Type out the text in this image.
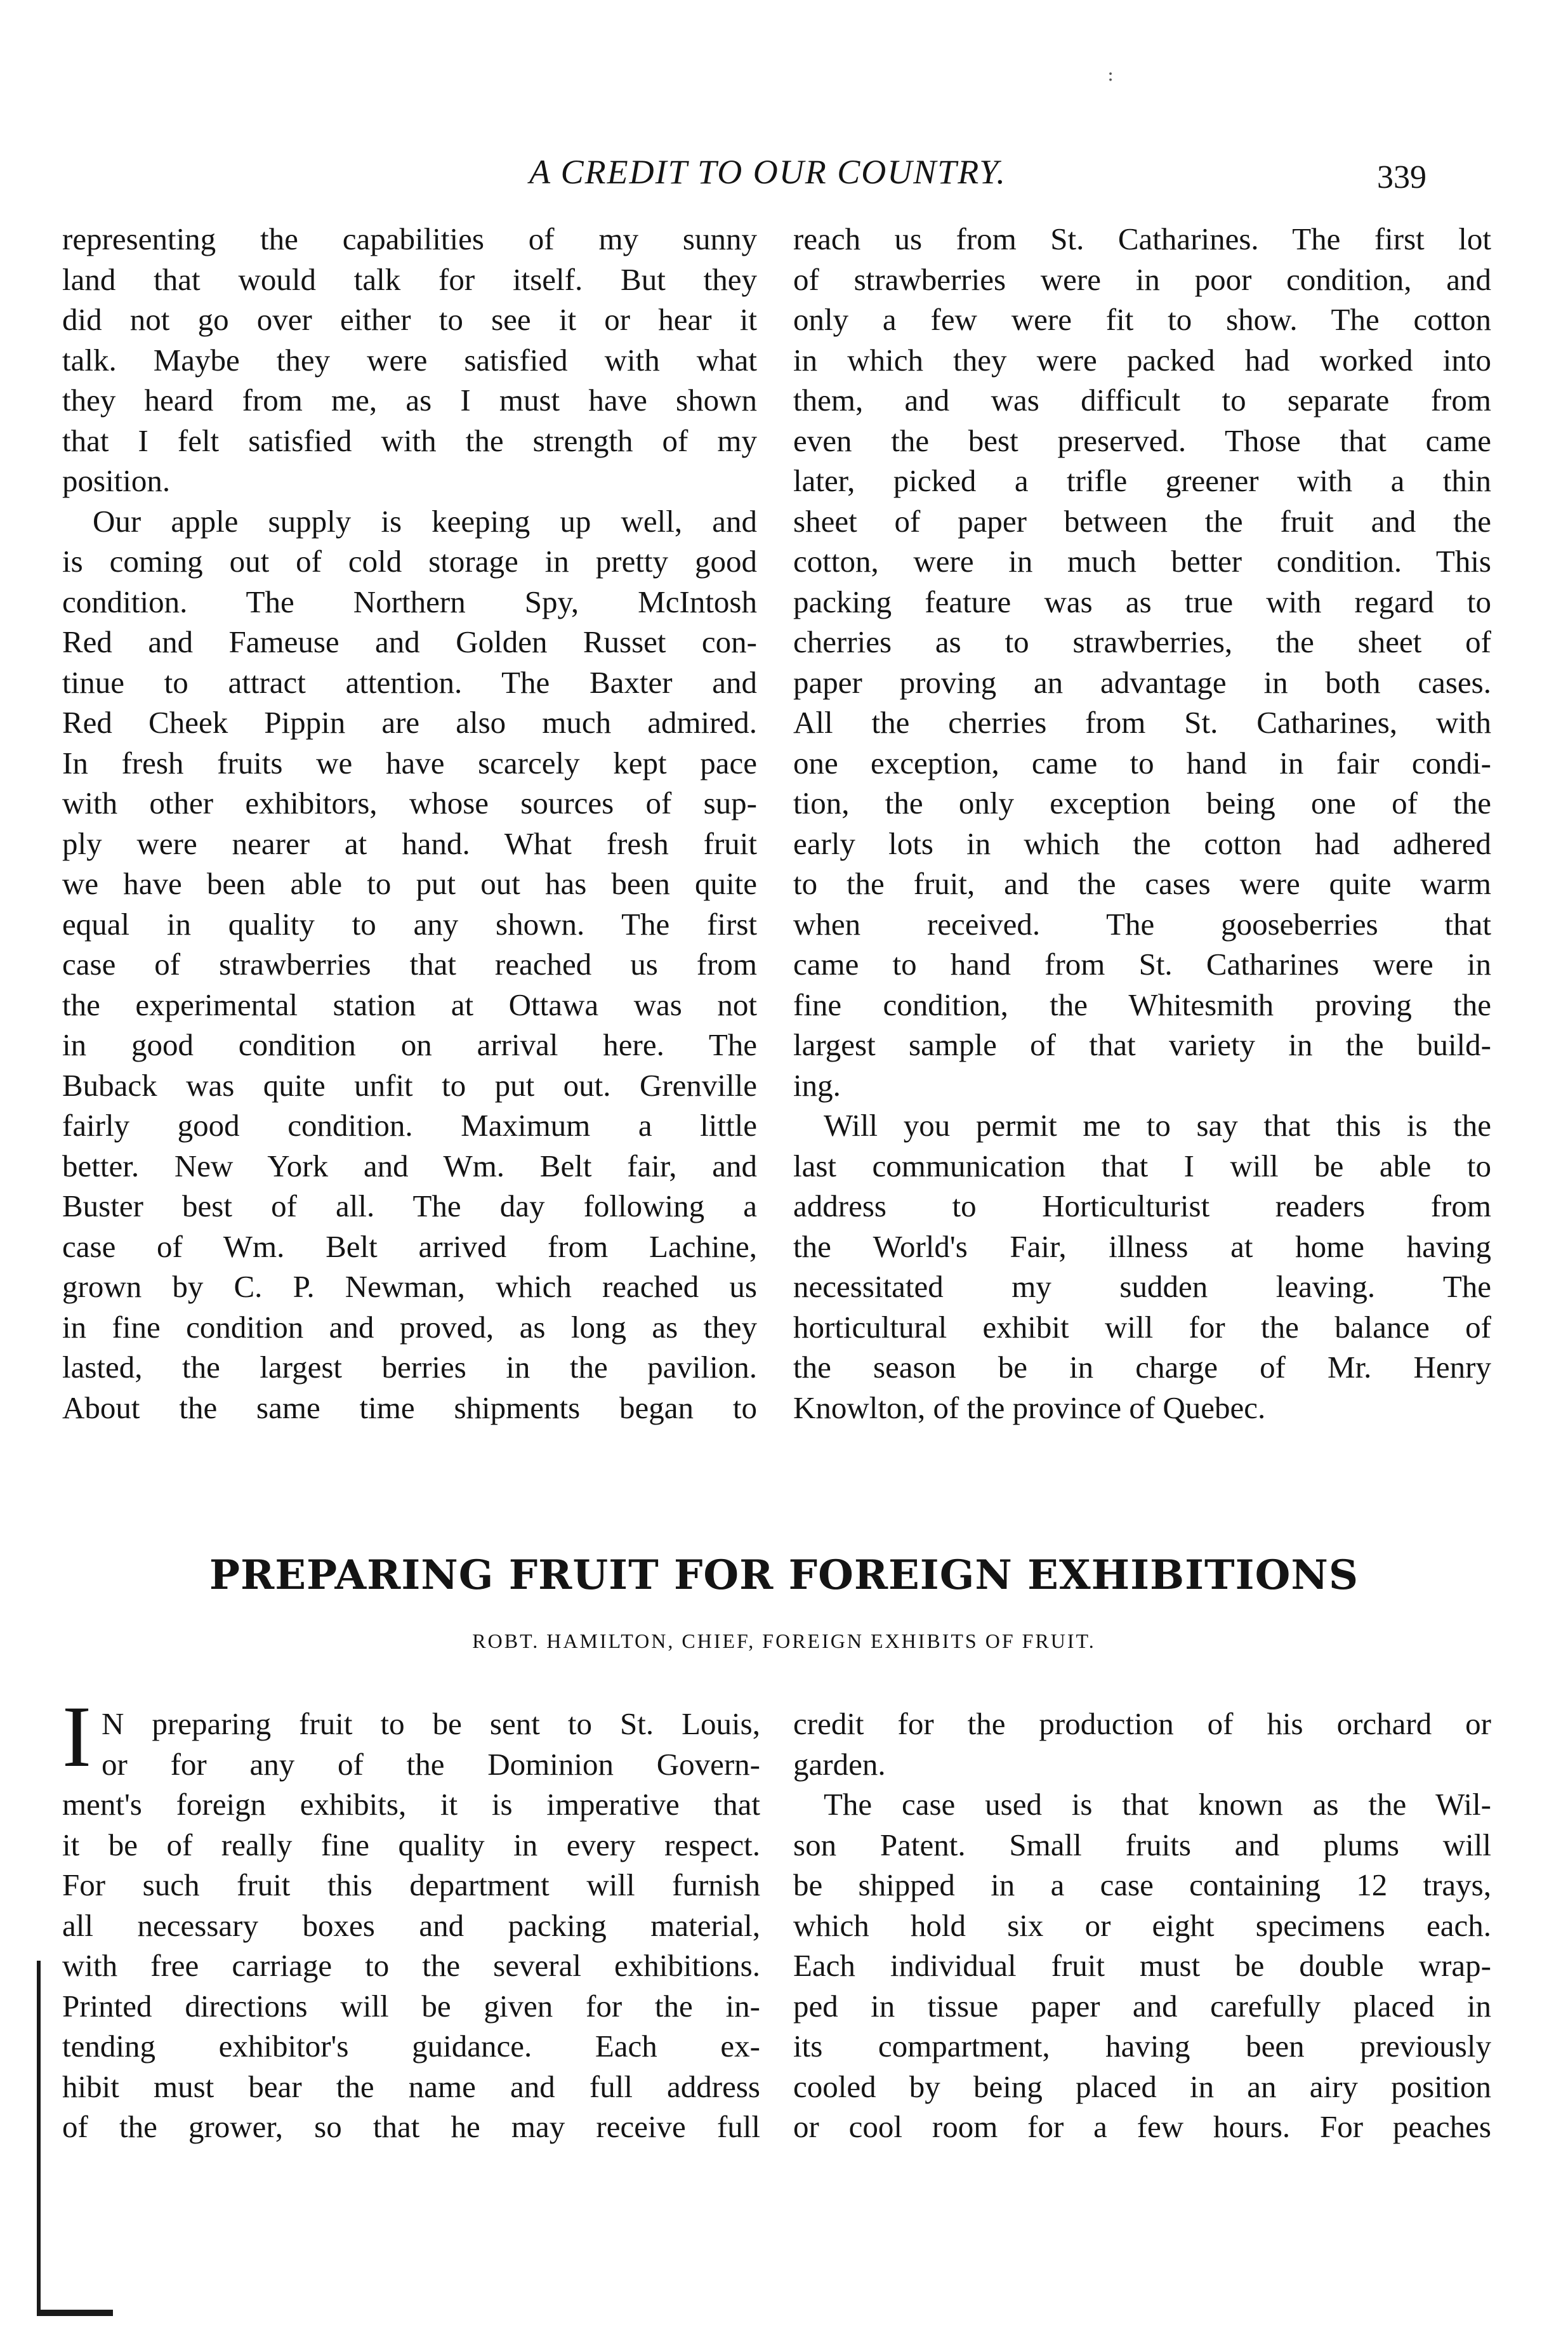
:
A CREDIT TO OUR COUNTRY.	339
representing the capabilities of my sunny
land that would talk for itself. But they
did not go over either to see it or hear it
talk. Maybe they were satisfied with what
they heard from me, as I must have shown
that I felt satisfied with the strength of my
position.
Our apple supply is keeping up well, and
is coming out of cold storage in pretty good
condition. The Northern Spy, McIntosh
Red and Fameuse and Golden Russet con-
tinue to attract attention. The Baxter and
Red Cheek Pippin are also much admired.
In fresh fruits we have scarcely kept pace
with other exhibitors, whose sources of sup-
ply were nearer at hand. What fresh fruit
we have been able to put out has been quite
equal in quality to any shown. The first
case of strawberries that reached us from
the experimental station at Ottawa was not
in good condition on arrival here. The
Buback was quite unfit to put out. Grenville
fairly good condition. Maximum a little
better. New York and Wm. Belt fair, and
Buster best of all. The day following a
case of Wm. Belt arrived from Lachine,
grown by C. P. Newman, which reached us
in fine condition and proved, as long as they
lasted, the largest berries in the pavilion.
About the same time shipments began to
reach us from St. Catharines. The first lot
of strawberries were in poor condition, and
only a few were fit to show. The cotton
in which they were packed had worked into
them, and was difficult to separate from
even the best preserved. Those that came
later, picked a trifle greener with a thin
sheet of paper between the fruit and the
cotton, were in much better condition. This
packing feature was as true with regard to
cherries as to strawberries, the sheet of
paper proving an advantage in both cases.
All the cherries from St. Catharines, with
one exception, came to hand in fair condi-
tion, the only exception being one of the
early lots in which the cotton had adhered
to the fruit, and the cases were quite warm
when received. The gooseberries that
came to hand from St. Catharines were in
fine condition, the Whitesmith proving the
largest sample of that variety in the build-
ing.
Will you permit me to say that this is the
last communication that I will be able to
address to Horticulturist readers from
the World's Fair, illness at home having
necessitated my sudden leaving. The
horticultural exhibit will for the balance of
the season be in charge of Mr. Henry
Knowlton, of the province of Quebec.
PREPARING FRUIT FOR FOREIGN EXHIBITIONS
ROBT. HAMILTON, CHIEF, FOREIGN EXHIBITS OF FRUIT.
I N preparing fruit to be sent to St. Louis,
or for any of the Dominion Govern-
ment's foreign exhibits, it is imperative that
it be of really fine quality in every respect.
For such fruit this department will furnish
all necessary boxes and packing material,
with free carriage to the several exhibitions.
Printed directions will be given for the in-
tending exhibitor's guidance. Each ex-
hibit must bear the name and full address
of the grower, so that he may receive full
credit for the production of his orchard or
garden.
The case used is that known as the Wil-
son Patent. Small fruits and plums will
be shipped in a case containing 12 trays,
which hold six or eight specimens each.
Each individual fruit must be double wrap-
ped in tissue paper and carefully placed in
its compartment, having been previously
cooled by being placed in an airy position
or cool room for a few hours. For peaches
